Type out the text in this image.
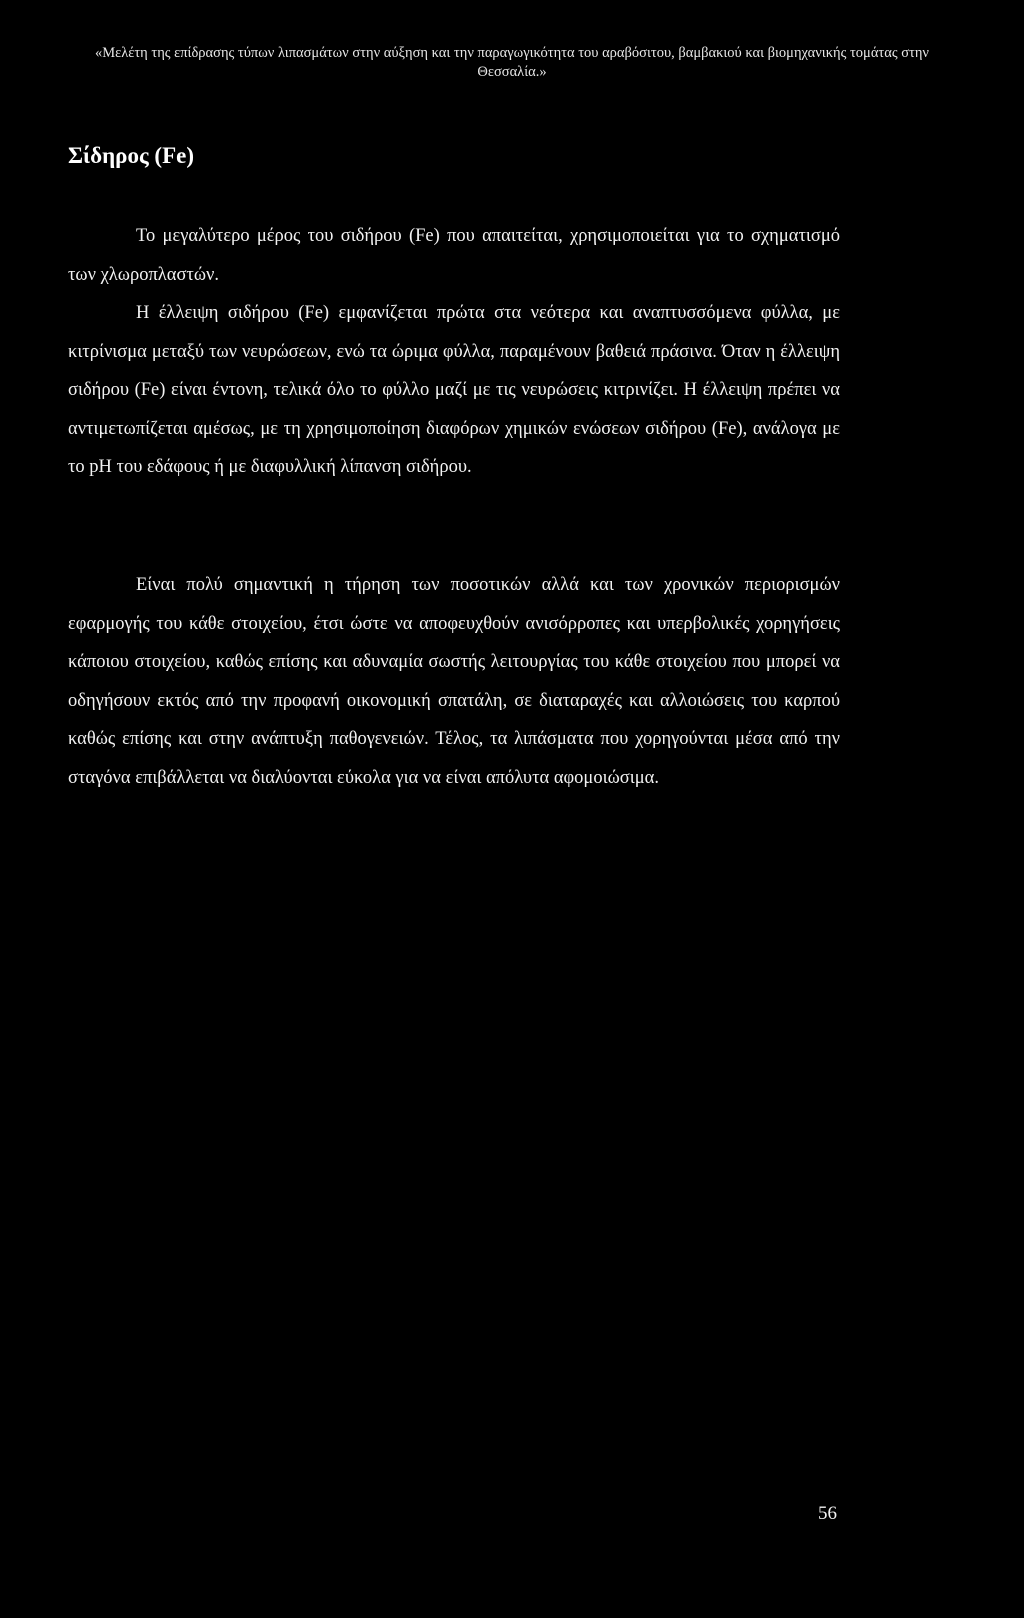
«Μελέτη της επίδρασης τύπων λιπασμάτων στην αύξηση και την παραγωγικότητα του αραβόσιτου, βαμβακιού και βιομηχανικής τομάτας στην Θεσσαλία.»
Σίδηρος (Fe)

Το μεγαλύτερο μέρος του σιδήρου (Fe) που απαιτείται, χρησιμοποιείται για το σχηματισμό των χλωροπλαστών.

Η έλλειψη σιδήρου (Fe) εμφανίζεται πρώτα στα νεότερα και αναπτυσσόμενα φύλλα, με κιτρίνισμα μεταξύ των νευρώσεων, ενώ τα ώριμα φύλλα, παραμένουν βαθειά πράσινα. Όταν η έλλειψη σιδήρου (Fe) είναι έντονη, τελικά όλο το φύλλο μαζί με τις νευρώσεις κιτρινίζει. Η έλλειψη πρέπει να αντιμετωπίζεται αμέσως, με τη χρησιμοποίηση διαφόρων χημικών ενώσεων σιδήρου (Fe), ανάλογα με το pH του εδάφους ή με διαφυλλική λίπανση σιδήρου.

Είναι πολύ σημαντική η τήρηση των ποσοτικών αλλά και των χρονικών περιορισμών εφαρμογής του κάθε στοιχείου, έτσι ώστε να αποφευχθούν ανισόρροπες και υπερβολικές χορηγήσεις κάποιου στοιχείου, καθώς επίσης και αδυναμία σωστής λειτουργίας του κάθε στοιχείου που μπορεί να οδηγήσουν εκτός από την προφανή οικονομική σπατάλη, σε διαταραχές και αλλοιώσεις του καρπού καθώς επίσης και στην ανάπτυξη παθογενειών. Τέλος, τα λιπάσματα που χορηγούνται μέσα από την σταγόνα επιβάλλεται να διαλύονται εύκολα για να είναι απόλυτα αφομοιώσιμα.

56
